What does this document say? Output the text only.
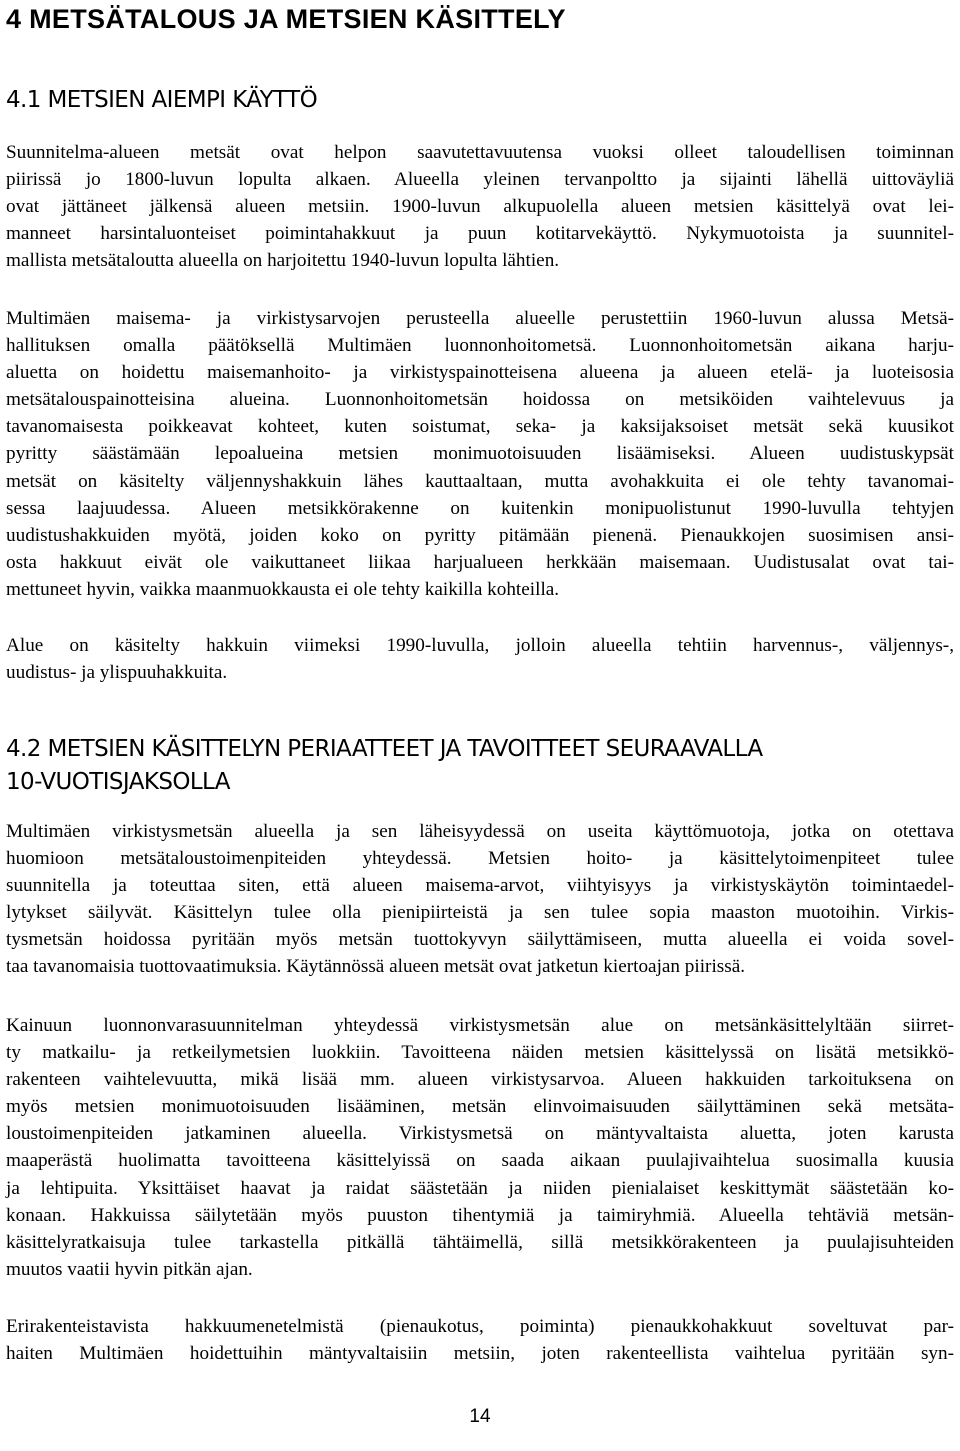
4 METSÄTALOUS JA METSIEN KÄSITTELY
4.1 METSIEN AIEMPI KÄYTTÖ
Suunnitelma-alueen metsät ovat helpon saavutettavuutensa vuoksi olleet taloudellisen toiminnan
piirissä jo 1800-luvun lopulta alkaen. Alueella yleinen tervanpoltto ja sijainti lähellä uittoväyliä
ovat jättäneet jälkensä alueen metsiin. 1900-luvun alkupuolella alueen metsien käsittelyä ovat lei-
manneet harsintaluonteiset poimintahakkuut ja puun kotitarvekäyttö. Nykymuotoista ja suunnitel-
mallista metsätaloutta alueella on harjoitettu 1940-luvun lopulta lähtien.
Multimäen maisema- ja virkistysarvojen perusteella alueelle perustettiin 1960-luvun alussa Metsä-
hallituksen omalla päätöksellä Multimäen luonnonhoitometsä. Luonnonhoitometsän aikana harju-
aluetta on hoidettu maisemanhoito- ja virkistyspainotteisena alueena ja alueen etelä- ja luoteisosia
metsätalouspainotteisina alueina. Luonnonhoitometsän hoidossa on metsiköiden vaihtelevuus ja
tavanomaisesta poikkeavat kohteet, kuten soistumat, seka- ja kaksijaksoiset metsät sekä kuusikot
pyritty säästämään lepoalueina metsien monimuotoisuuden lisäämiseksi. Alueen uudistuskypsät
metsät on käsitelty väljennyshakkuin lähes kauttaaltaan, mutta avohakkuita ei ole tehty tavanomai-
sessa laajuudessa. Alueen metsikkörakenne on kuitenkin monipuolistunut 1990-luvulla tehtyjen
uudistushakkuiden myötä, joiden koko on pyritty pitämään pienenä. Pienaukkojen suosimisen ansi-
osta hakkuut eivät ole vaikuttaneet liikaa harjualueen herkkään maisemaan. Uudistusalat ovat tai-
mettuneet hyvin, vaikka maanmuokkausta ei ole tehty kaikilla kohteilla.
Alue on käsitelty hakkuin viimeksi 1990-luvulla, jolloin alueella tehtiin harvennus-, väljennys-,
uudistus- ja ylispuuhakkuita.
4.2 METSIEN KÄSITTELYN PERIAATTEET JA TAVOITTEET SEURAAVALLA
10-VUOTISJAKSOLLA
Multimäen virkistysmetsän alueella ja sen läheisyydessä on useita käyttömuotoja, jotka on otettava
huomioon metsätaloustoimenpiteiden yhteydessä. Metsien hoito- ja käsittelytoimenpiteet tulee
suunnitella ja toteuttaa siten, että alueen maisema-arvot, viihtyisyys ja virkistyskäytön toimintaedel-
lytykset säilyvät. Käsittelyn tulee olla pienipiirteistä ja sen tulee sopia maaston muotoihin. Virkis-
tysmetsän hoidossa pyritään myös metsän tuottokyvyn säilyttämiseen, mutta alueella ei voida sovel-
taa tavanomaisia tuottovaatimuksia. Käytännössä alueen metsät ovat jatketun kiertoajan piirissä.
Kainuun luonnonvarasuunnitelman yhteydessä virkistysmetsän alue on metsänkäsittelyltään siirret-
ty matkailu- ja retkeilymetsien luokkiin. Tavoitteena näiden metsien käsittelyssä on lisätä metsikkö-
rakenteen vaihtelevuutta, mikä lisää mm. alueen virkistysarvoa. Alueen hakkuiden tarkoituksena on
myös metsien monimuotoisuuden lisääminen, metsän elinvoimaisuuden säilyttäminen sekä metsäta-
loustoimenpiteiden jatkaminen alueella. Virkistysmetsä on mäntyvaltaista aluetta, joten karusta
maaperästä huolimatta tavoitteena käsittelyissä on saada aikaan puulajivaihtelua suosimalla kuusia
ja lehtipuita. Yksittäiset haavat ja raidat säästetään ja niiden pienialaiset keskittymät säästetään ko-
konaan. Hakkuissa säilytetään myös puuston tihentymiä ja taimiryhmiä. Alueella tehtäviä metsän-
käsittelyratkaisuja tulee tarkastella pitkällä tähtäimellä, sillä metsikkörakenteen ja puulajisuhteiden
muutos vaatii hyvin pitkän ajan.
Erirakenteistavista hakkuumenetelmistä (pienaukotus, poiminta) pienaukkohakkuut soveltuvat par-
haiten Multimäen hoidettuihin mäntyvaltaisiin metsiin, joten rakenteellista vaihtelua pyritään syn-
14
